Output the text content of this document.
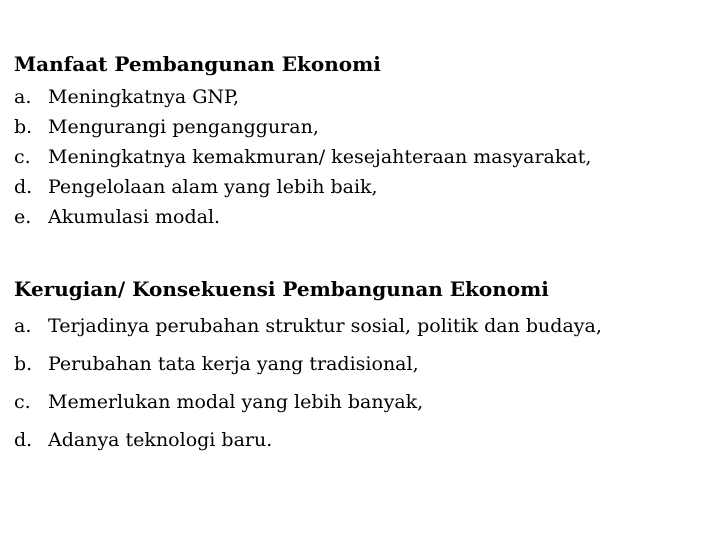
Manfaat Pembangunan Ekonomi
a. Meningkatnya GNP,
b. Mengurangi pengangguran,
c. Meningkatnya kemakmuran/ kesejahteraan masyarakat,
d. Pengelolaan alam yang lebih baik,
e. Akumulasi modal.
Kerugian/ Konsekuensi Pembangunan Ekonomi
a. Terjadinya perubahan struktur sosial, politik dan budaya,
b. Perubahan tata kerja yang tradisional,
c. Memerlukan modal yang lebih banyak,
d. Adanya teknologi baru.
